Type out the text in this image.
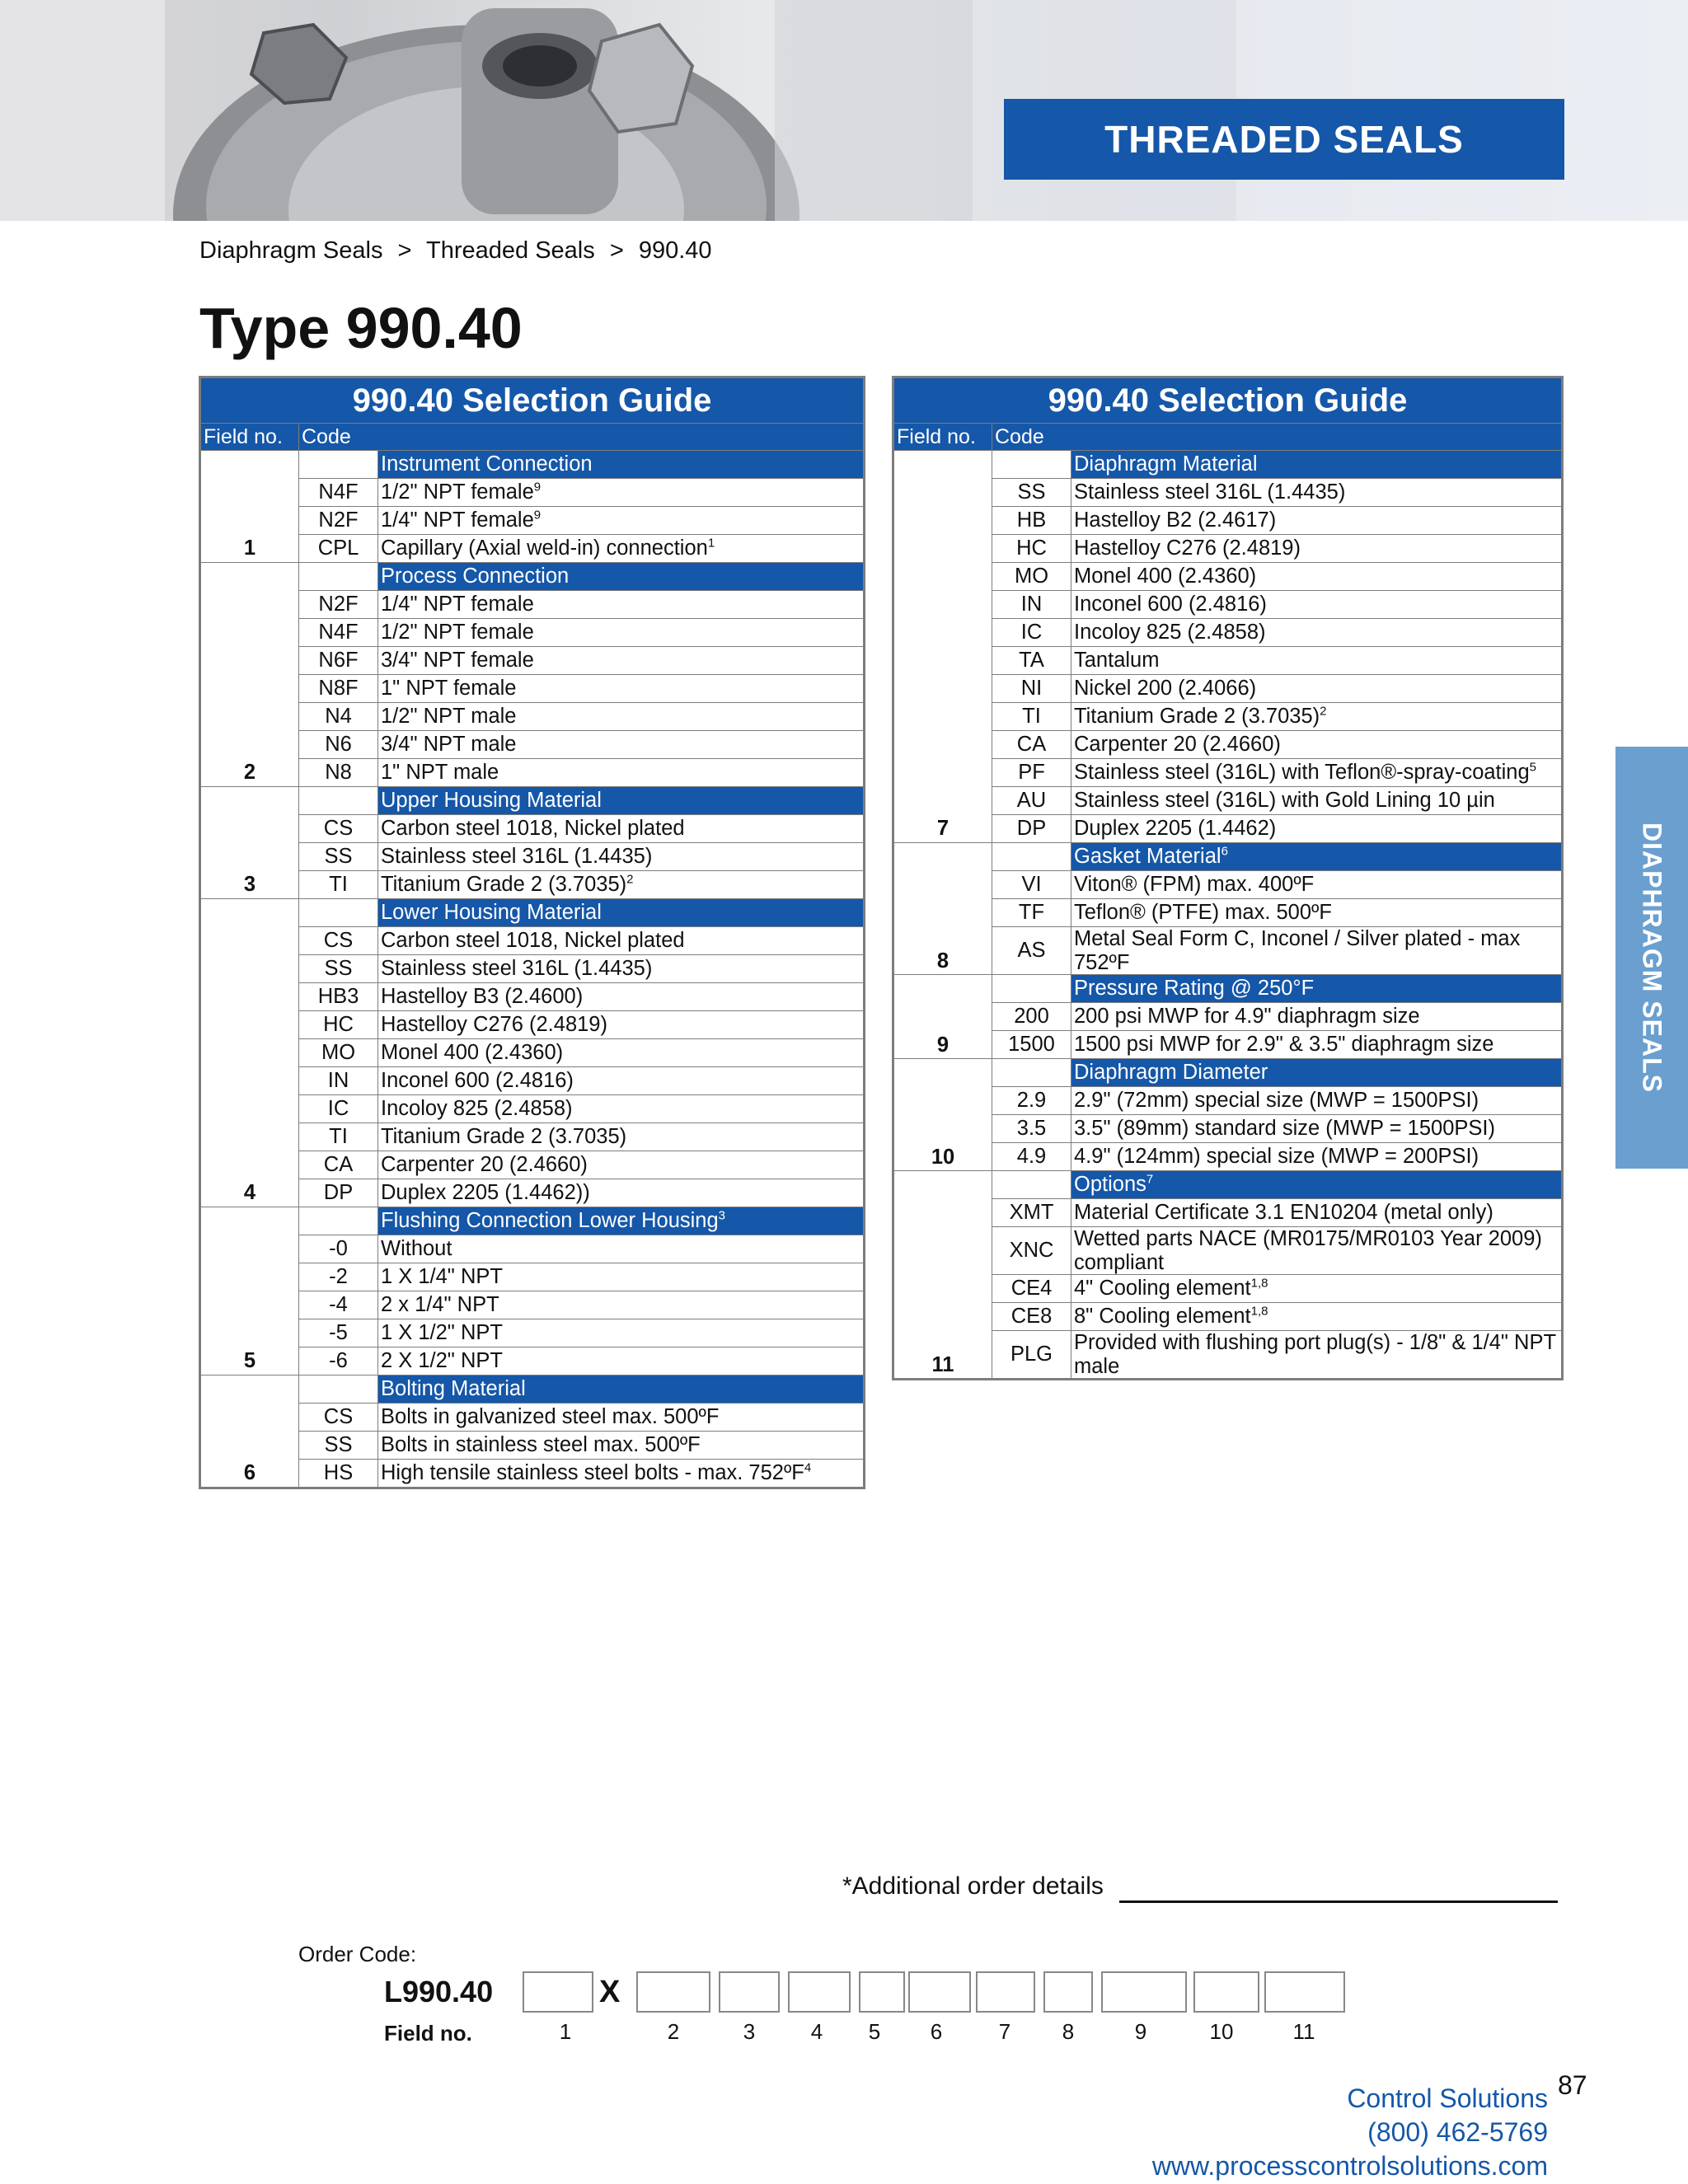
THREADED SEALS
Diaphragm Seals > Threaded Seals > 990.40
Type 990.40
990.40 Selection Guide		
Field no.	Code	
1		Instrument Connection
	N4F	1/2" NPT female$^9$
	N2F	1/4" NPT female$^9$
	CPL	Capillary (Axial weld-in) connection$^1$
2		Process Connection
	N2F	1/4" NPT female
	N4F	1/2" NPT female
	N6F	3/4" NPT female
	N8F	1" NPT female
	N4	1/2" NPT male
	N6	3/4" NPT male
	N8	1" NPT male
3		Upper Housing Material
	CS	Carbon steel 1018, Nickel plated
	SS	Stainless steel 316L (1.4435)
	TI	Titanium Grade 2 $(3.7035)^2$
4		Lower Housing Material
	CS	Carbon steel 1018, Nickel plated
	SS	Stainless steel 316L (1.4435)
	HB3	Hastelloy B3 (2.4600)
	HC	Hastelloy C276 (2.4819)
	MO	Monel 400 (2.4360)
	IN	Inconel 600 (2.4816)
	IC	Incoloy 825 (2.4858)
	TI	Titanium Grade 2 (3.7035)
	CA	Carpenter 20 (2.4660)
	DP	Duplex 2205 (1.4462))
5		Flushing Connection Lower Housing$^3$
	-0	Without
	-2	1 X 1/4" NPT
	-4	2 x 1/4" NPT
	-5	1 X 1/2" NPT
	-6	2 X 1/2" NPT
6		Bolting Material
	CS	Bolts in galvanized steel max. 500ºF
	SS	Bolts in stainless steel max. 500ºF
	HS	High tensile stainless steel bolts - max. 752ºF$^4$
990.40 Selection Guide		
Field no.	Code	
7		Diaphragm Material
	SS	Stainless steel 316L (1.4435)
	HB	Hastelloy B2 (2.4617)
	HC	Hastelloy C276 (2.4819)
	MO	Monel 400 (2.4360)
	IN	Inconel 600 (2.4816)
	IC	Incoloy 825 (2.4858)
	TA	Tantalum
	NI	Nickel 200 (2.4066)
	TI	Titanium Grade 2 $(3.7035)^2$
	CA	Carpenter 20 (2.4660)
	PF	Stainless steel (316L) with Teflon®-spray-coating$^5$
	AU	Stainless steel (316L) with Gold Lining 10 µin
	DP	Duplex 2205 (1.4462)
8		Gasket Material$^6$
	VI	Viton® (FPM) max. 400ºF
	TF	Teflon® (PTFE) max. 500ºF
	AS	Metal Seal Form C, Inconel / Silver plated - max 752ºF
9		Pressure Rating @ 250°F
	200	200 psi MWP for 4.9" diaphragm size
	1500	1500 psi MWP for 2.9" & 3.5" diaphragm size
10		Diaphragm Diameter
	2.9	2.9" (72mm) special size (MWP = 1500PSI)
	3.5	3.5" (89mm) standard size (MWP = 1500PSI)
	4.9	4.9" (124mm) special size (MWP = 200PSI)
11		Options$^7$
	XMT	Material Certificate 3.1 EN10204 (metal only)
	XNC	Wetted parts NACE (MR0175/MR0103 Year 2009) compliant
	CE4	4" Cooling element$^{1,8}$
	CE8	8" Cooling element$^{1,8}$
	PLG	Provided with flushing port plug(s) - 1/8" & 1/4" NPT male
DIAPHRAGM SEALS
*Additional order details
Order Code:
L990.40	X
Field no.	1	2	3	4	5	6	7	8	9	10	11
87
Control Solutions
(800) 462-5769
www.processcontrolsolutions.com
